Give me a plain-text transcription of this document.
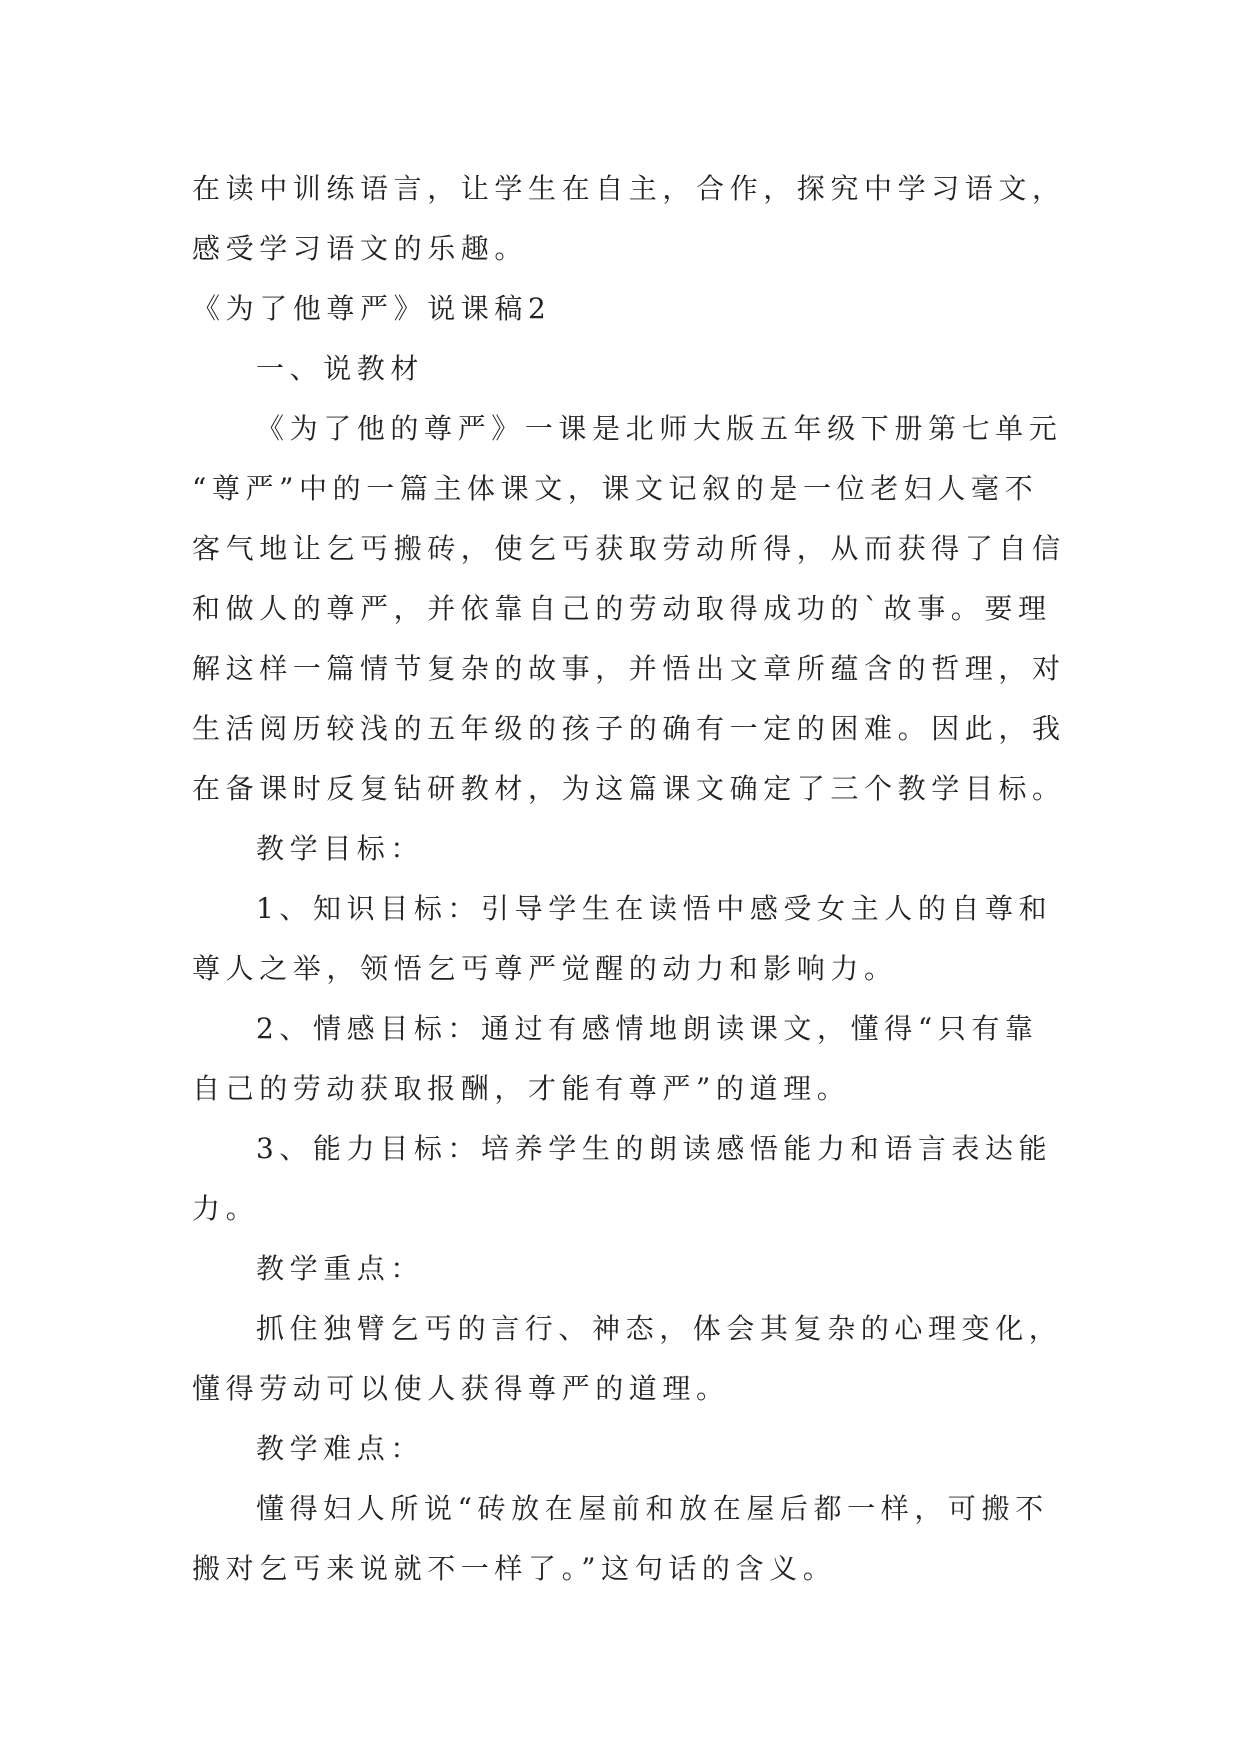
在读中训练语言，让学生在自主，合作，探究中学习语文，
感受学习语文的乐趣。
《为了他尊严》说课稿2
一、说教材
《为了他的尊严》一课是北师大版五年级下册第七单元
“尊严”中的一篇主体课文，课文记叙的是一位老妇人毫不
客气地让乞丐搬砖，使乞丐获取劳动所得，从而获得了自信
和做人的尊严，并依靠自己的劳动取得成功的`故事。要理
解这样一篇情节复杂的故事，并悟出文章所蕴含的哲理，对
生活阅历较浅的五年级的孩子的确有一定的困难。因此，我
在备课时反复钻研教材，为这篇课文确定了三个教学目标。
教学目标：
1、知识目标：引导学生在读悟中感受女主人的自尊和
尊人之举，领悟乞丐尊严觉醒的动力和影响力。
2、情感目标：通过有感情地朗读课文，懂得“只有靠
自己的劳动获取报酬，才能有尊严”的道理。
3、能力目标：培养学生的朗读感悟能力和语言表达能
力。
教学重点：
抓住独臂乞丐的言行、神态，体会其复杂的心理变化，
懂得劳动可以使人获得尊严的道理。
教学难点：
懂得妇人所说“砖放在屋前和放在屋后都一样，可搬不
搬对乞丐来说就不一样了。”这句话的含义。
